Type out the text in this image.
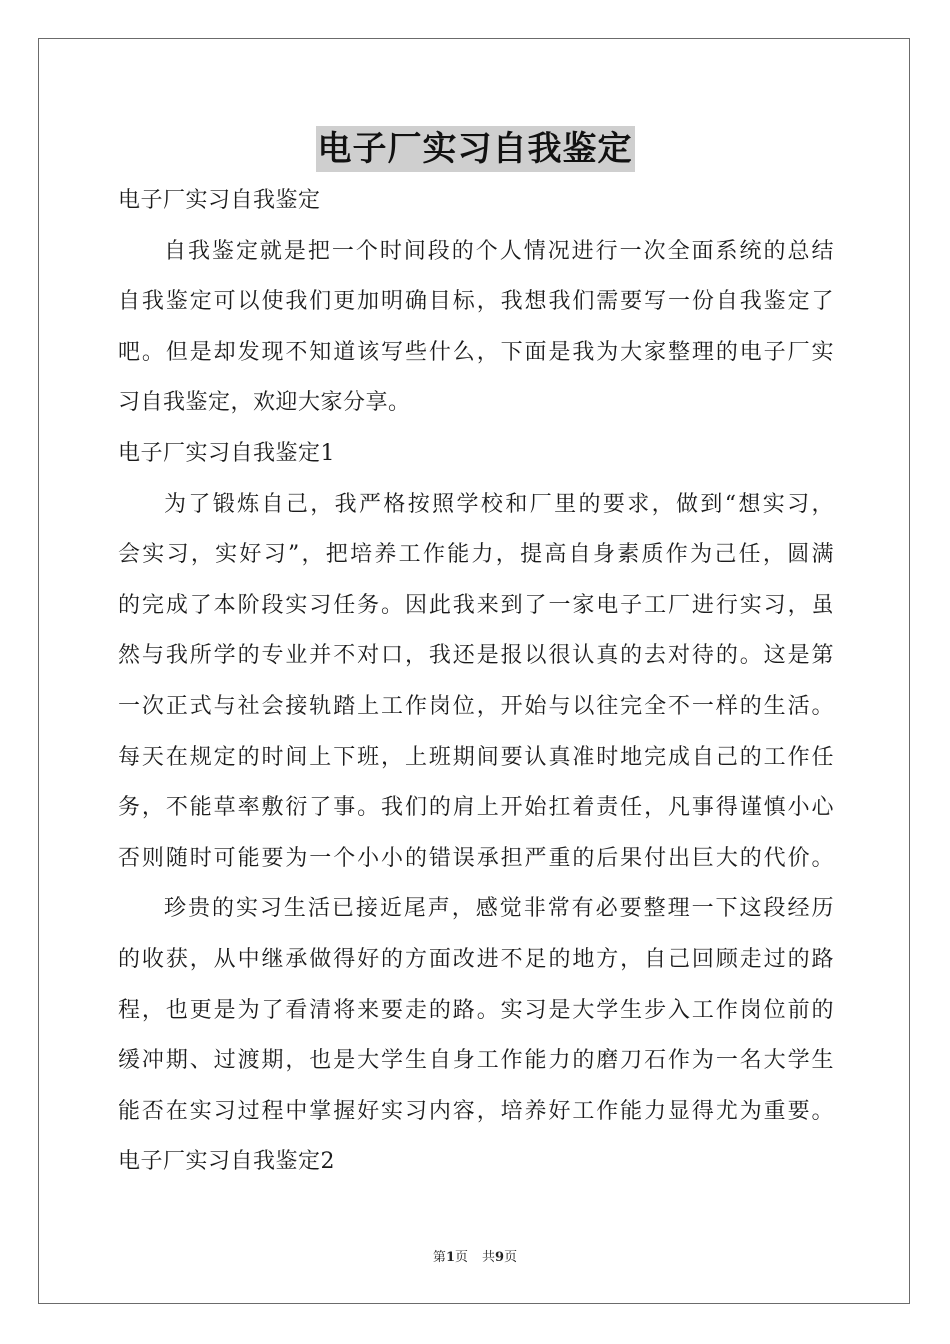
电子厂实习自我鉴定
电子厂实习自我鉴定
自我鉴定就是把一个时间段的个人情况进行一次全面系统的总结
自我鉴定可以使我们更加明确目标，我想我们需要写一份自我鉴定了
吧。但是却发现不知道该写些什么，下面是我为大家整理的电子厂实
习自我鉴定，欢迎大家分享。
电子厂实习自我鉴定1
为了锻炼自己，我严格按照学校和厂里的要求，做到“想实习，
会实习，实好习”，把培养工作能力，提高自身素质作为己任，圆满
的完成了本阶段实习任务。因此我来到了一家电子工厂进行实习，虽
然与我所学的专业并不对口，我还是报以很认真的去对待的。这是第
一次正式与社会接轨踏上工作岗位，开始与以往完全不一样的生活。
每天在规定的时间上下班，上班期间要认真准时地完成自己的工作任
务，不能草率敷衍了事。我们的肩上开始扛着责任，凡事得谨慎小心
否则随时可能要为一个小小的错误承担严重的后果付出巨大的代价。
珍贵的实习生活已接近尾声，感觉非常有必要整理一下这段经历
的收获，从中继承做得好的方面改进不足的地方，自己回顾走过的路
程，也更是为了看清将来要走的路。实习是大学生步入工作岗位前的
缓冲期、过渡期，也是大学生自身工作能力的磨刀石作为一名大学生
能否在实习过程中掌握好实习内容，培养好工作能力显得尤为重要。
电子厂实习自我鉴定2
第1页 共9页
